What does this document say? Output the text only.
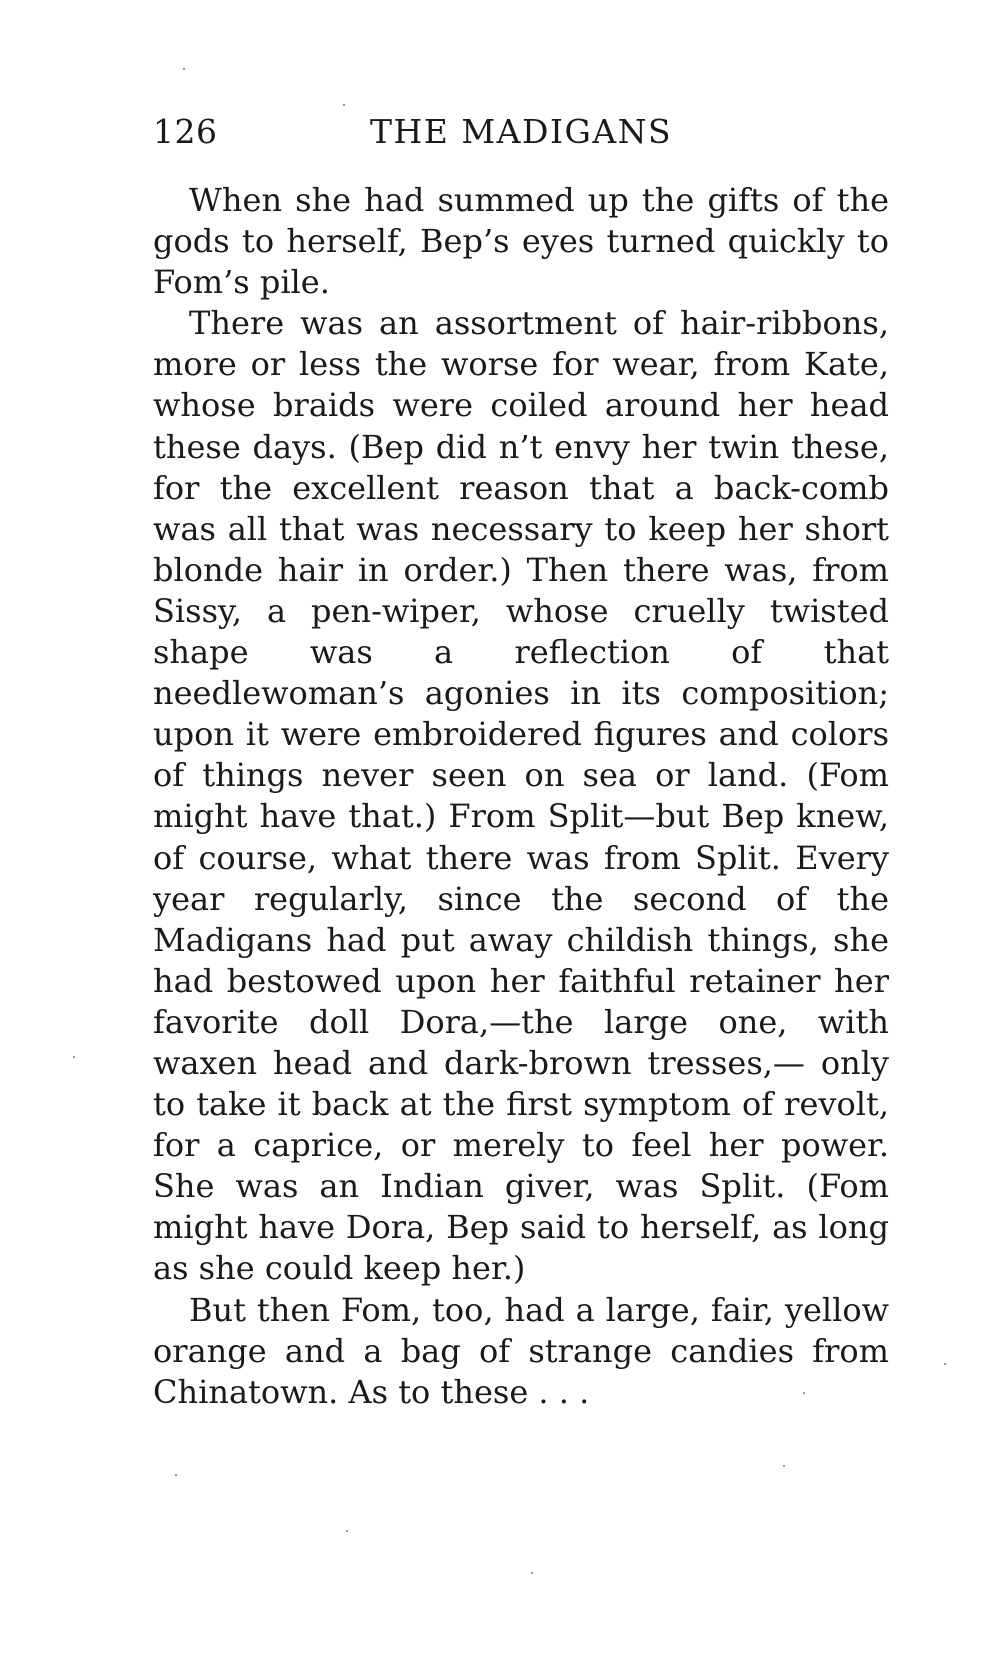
126	THE MADIGANS

When she had summed up the gifts of the gods to herself, Bep’s eyes turned quickly to Fom’s pile.

There was an assortment of hair-ribbons, more or less the worse for wear, from Kate, whose braids were coiled around her head these days. (Bep did n’t envy her twin these, for the excellent reason that a back-comb was all that was necessary to keep her short blonde hair in order.) Then there was, from Sissy, a pen-wiper, whose cruelly twisted shape was a reflection of that needlewoman’s agonies in its composition; upon it were embroidered figures and colors of things never seen on sea or land. (Fom might have that.) From Split—but Bep knew, of course, what there was from Split. Every year regularly, since the second of the Madigans had put away childish things, she had bestowed upon her faithful retainer her favorite doll Dora,—the large one, with waxen head and dark-brown tresses,— only to take it back at the first symptom of revolt, for a caprice, or merely to feel her power. She was an Indian giver, was Split. (Fom might have Dora, Bep said to herself, as long as she could keep her.)

But then Fom, too, had a large, fair, yellow orange and a bag of strange candies from Chinatown. As to these . . .
